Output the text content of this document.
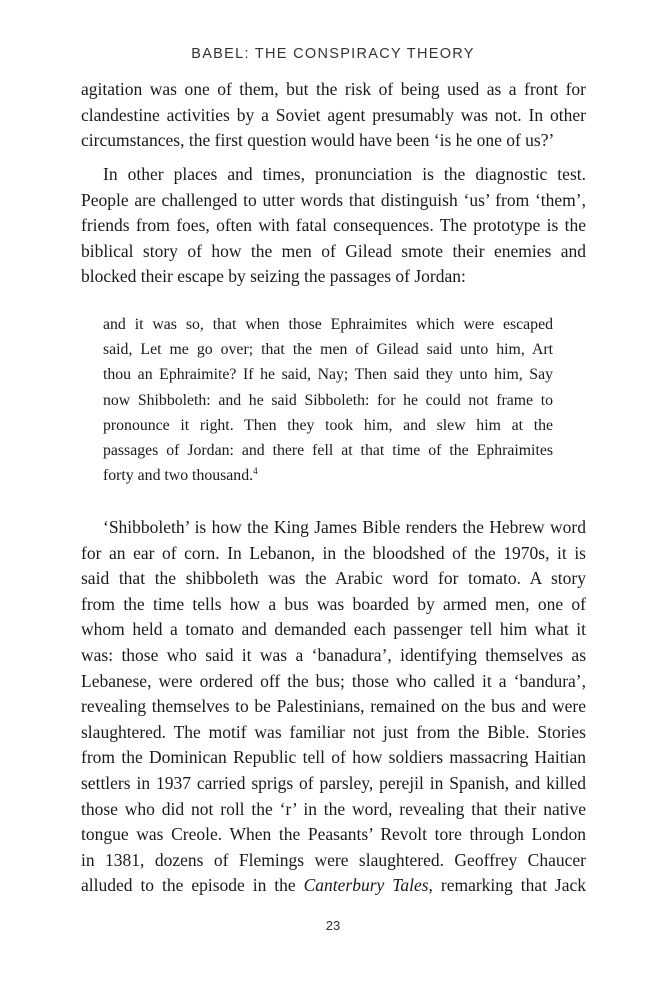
BABEL: THE CONSPIRACY THEORY
agitation was one of them, but the risk of being used as a front for
clandestine activities by a Soviet agent presumably was not. In other
circumstances, the first question would have been ‘is he one of us?’
In other places and times, pronunciation is the diagnostic test.
People are challenged to utter words that distinguish ‘us’ from ‘them’,
friends from foes, often with fatal consequences. The prototype is the
biblical story of how the men of Gilead smote their enemies and
blocked their escape by seizing the passages of Jordan:
and it was so, that when those Ephraimites which were escaped
said, Let me go over; that the men of Gilead said unto him, Art
thou an Ephraimite? If he said, Nay; Then said they unto him, Say
now Shibboleth: and he said Sibboleth: for he could not frame to
pronounce it right. Then they took him, and slew him at the
passages of Jordan: and there fell at that time of the Ephraimites
forty and two thousand.$^4$
‘Shibboleth’ is how the King James Bible renders the Hebrew word
for an ear of corn. In Lebanon, in the bloodshed of the 1970s, it is
said that the shibboleth was the Arabic word for tomato. A story
from the time tells how a bus was boarded by armed men, one of
whom held a tomato and demanded each passenger tell him what it
was: those who said it was a ‘banadura’, identifying themselves as
Lebanese, were ordered off the bus; those who called it a ‘bandura’,
revealing themselves to be Palestinians, remained on the bus and were
slaughtered. The motif was familiar not just from the Bible. Stories
from the Dominican Republic tell of how soldiers massacring Haitian
settlers in 1937 carried sprigs of parsley, perejil in Spanish, and killed
those who did not roll the ‘r’ in the word, revealing that their native
tongue was Creole. When the Peasants’ Revolt tore through London
in 1381, dozens of Flemings were slaughtered. Geoffrey Chaucer
alluded to the episode in the Canterbury Tales, remarking that Jack
23
